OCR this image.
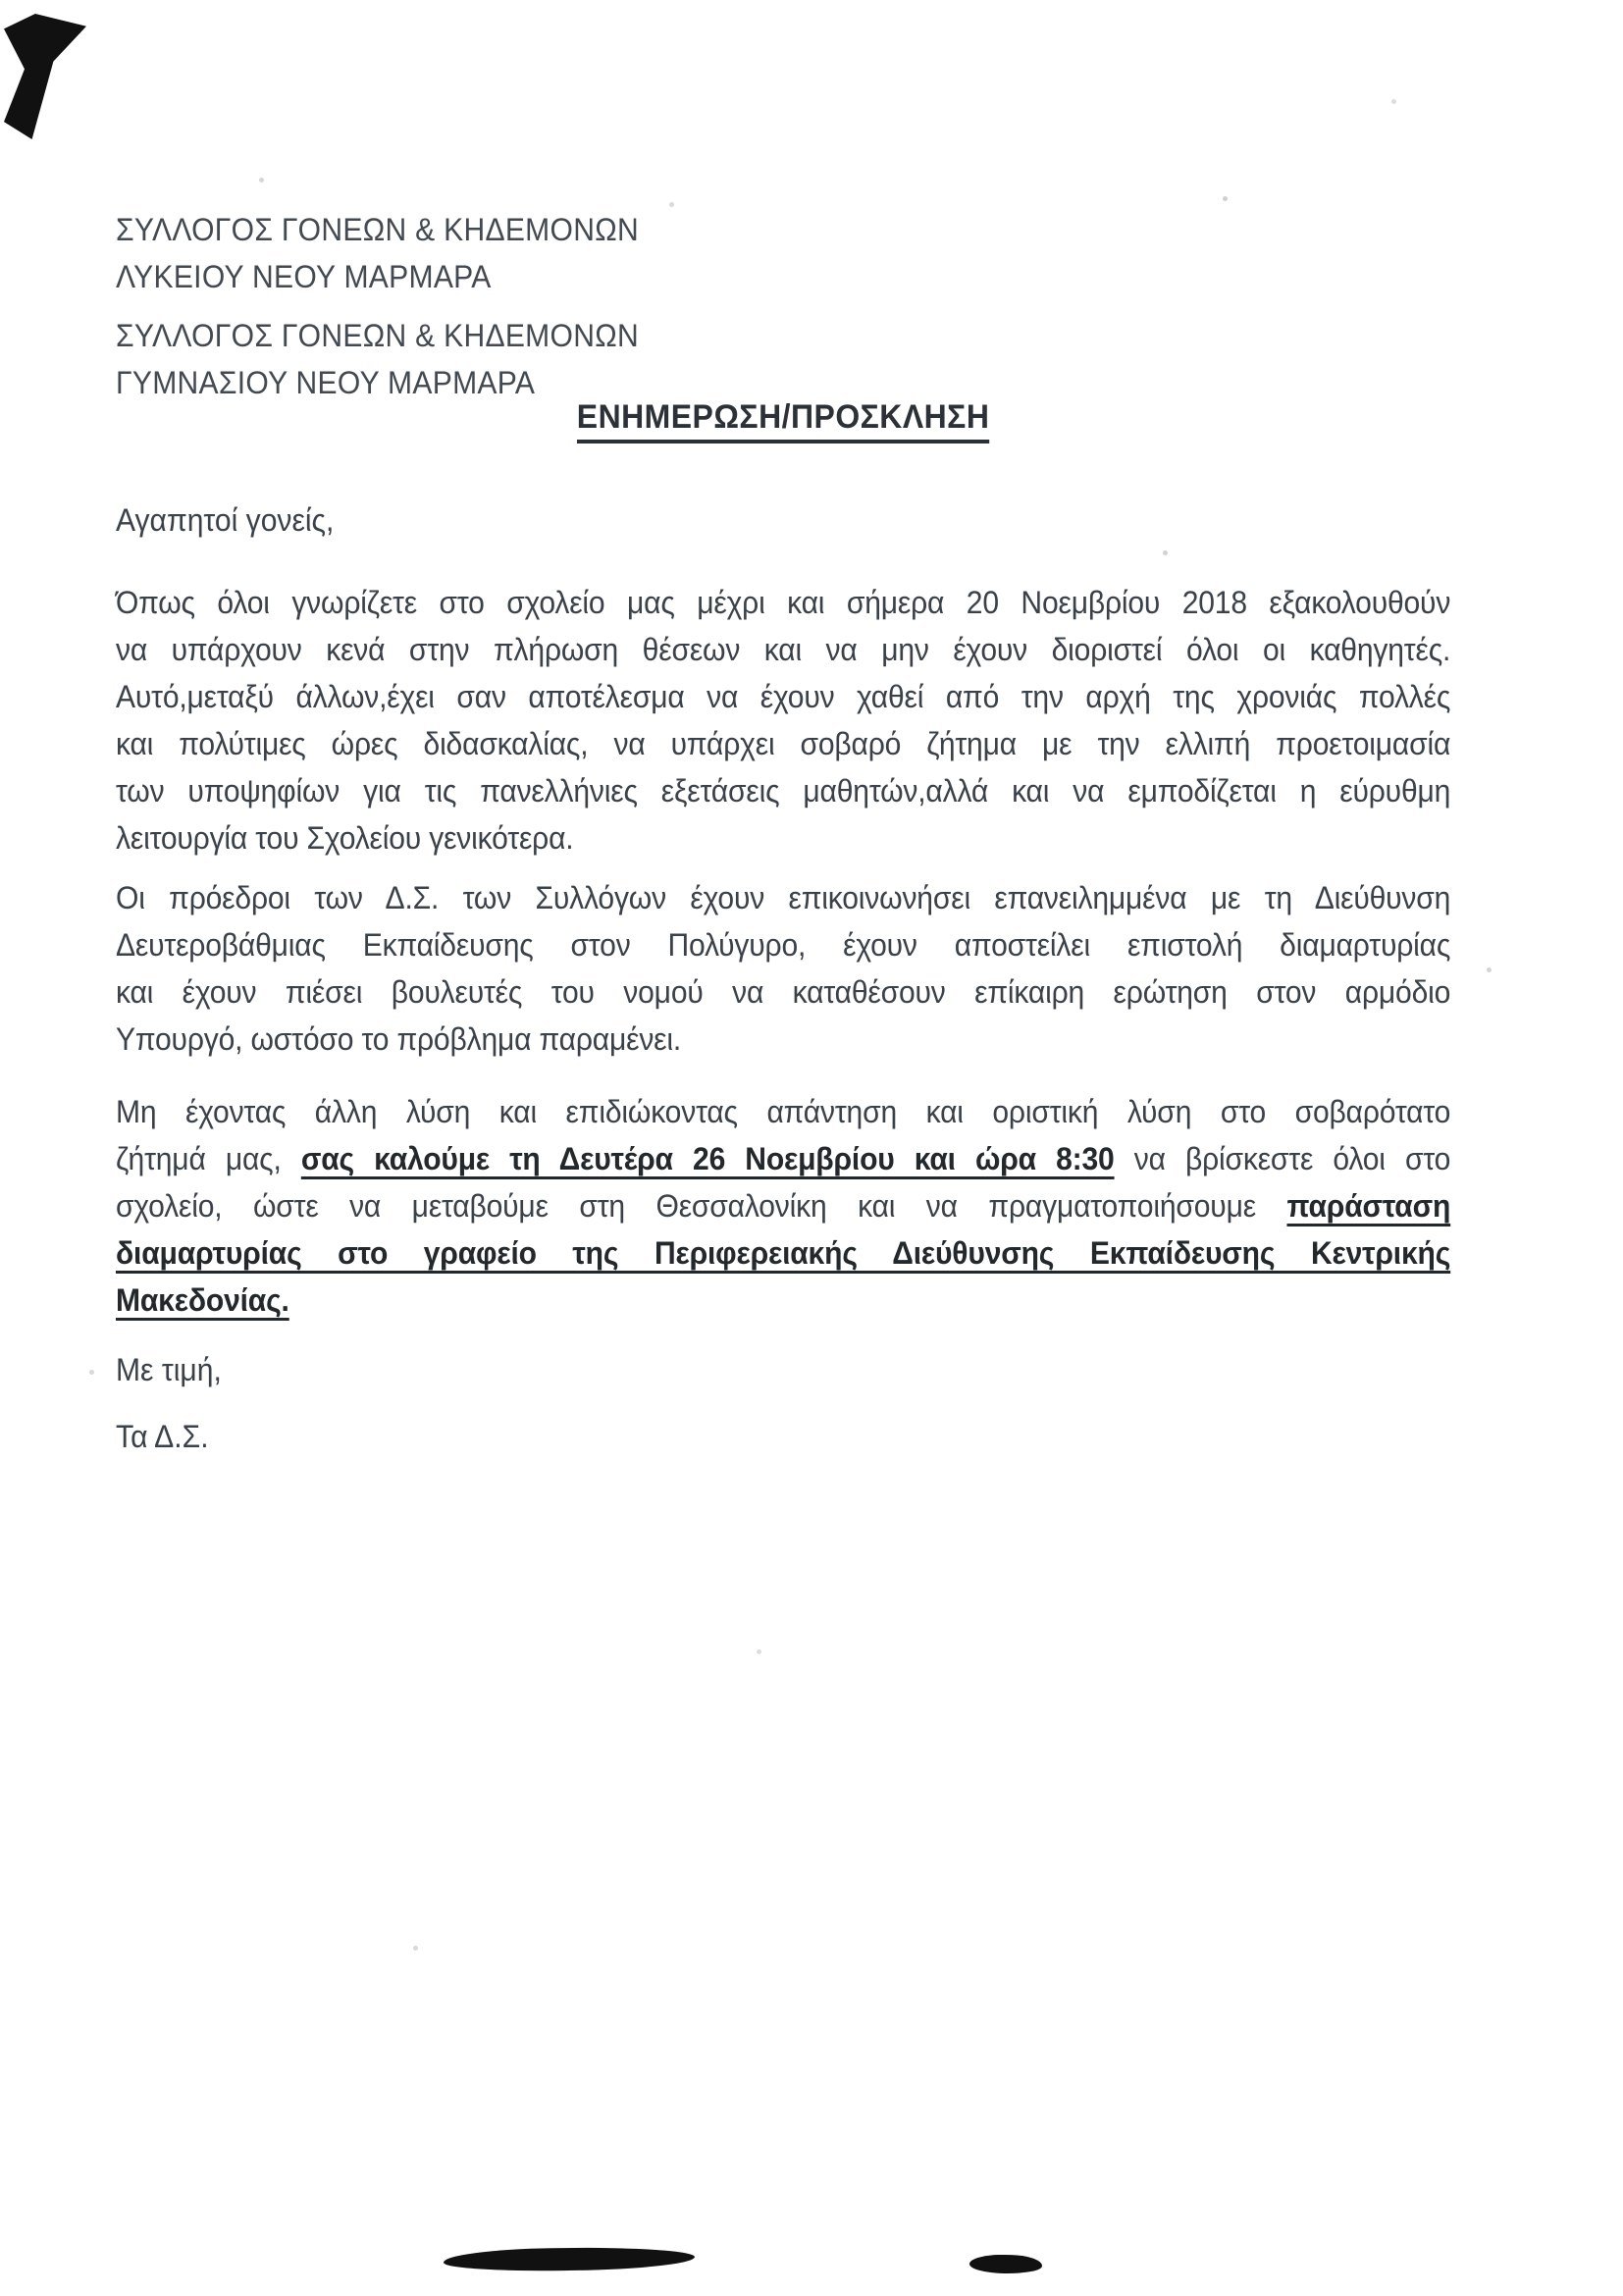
ΣΥΛΛΟΓΟΣ ΓΟΝΕΩΝ & ΚΗΔΕΜΟΝΩΝ
ΛΥΚΕΙΟΥ ΝΕΟΥ ΜΑΡΜΑΡΑ
ΣΥΛΛΟΓΟΣ ΓΟΝΕΩΝ & ΚΗΔΕΜΟΝΩΝ
ΓΥΜΝΑΣΙΟΥ ΝΕΟΥ ΜΑΡΜΑΡΑ
ΕΝΗΜΕΡΩΣΗ/ΠΡΟΣΚΛΗΣΗ
Αγαπητοί γονείς,
Όπως όλοι γνωρίζετε στο σχολείο μας μέχρι και σήμερα 20 Νοεμβρίου 2018 εξακολουθούν
να υπάρχουν κενά στην πλήρωση θέσεων και να μην έχουν διοριστεί όλοι οι καθηγητές.
Αυτό,μεταξύ άλλων,έχει σαν αποτέλεσμα να έχουν χαθεί από την αρχή της χρονιάς πολλές
και πολύτιμες ώρες διδασκαλίας, να υπάρχει σοβαρό ζήτημα με την ελλιπή προετοιμασία
των υποψηφίων για τις πανελλήνιες εξετάσεις μαθητών,αλλά και να εμποδίζεται η εύρυθμη
λειτουργία του Σχολείου γενικότερα.
Οι πρόεδροι των Δ.Σ. των Συλλόγων έχουν επικοινωνήσει επανειλημμένα με τη Διεύθυνση
Δευτεροβάθμιας Εκπαίδευσης στον Πολύγυρο, έχουν αποστείλει επιστολή διαμαρτυρίας
και έχουν πιέσει βουλευτές του νομού να καταθέσουν επίκαιρη ερώτηση στον αρμόδιο
Υπουργό, ωστόσο το πρόβλημα παραμένει.
Μη έχοντας άλλη λύση και επιδιώκοντας απάντηση και οριστική λύση στο σοβαρότατο
ζήτημά μας, σας καλούμε τη Δευτέρα 26 Νοεμβρίου και ώρα 8:30 να βρίσκεστε όλοι στο
σχολείο, ώστε να μεταβούμε στη Θεσσαλονίκη και να πραγματοποιήσουμε παράσταση
διαμαρτυρίας στο γραφείο της Περιφερειακής Διεύθυνσης Εκπαίδευσης Κεντρικής
Μακεδονίας.
Με τιμή,
Τα Δ.Σ.
